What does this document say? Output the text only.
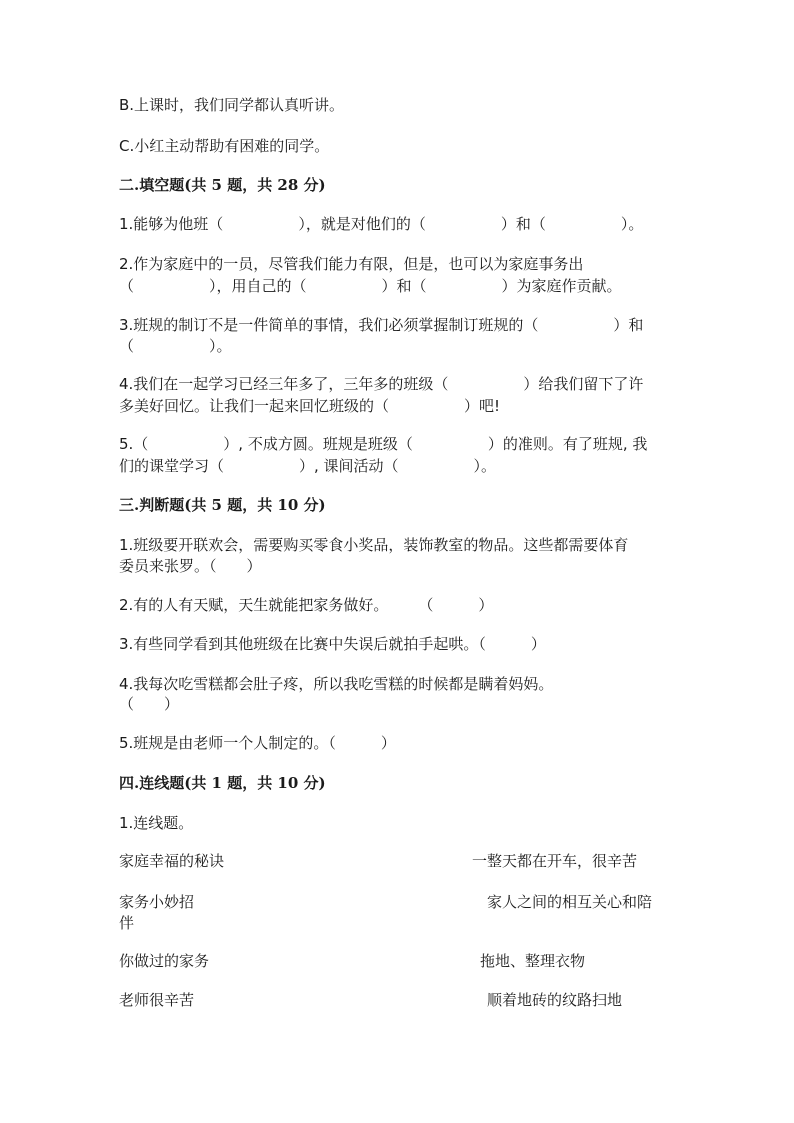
B.上课时，我们同学都认真听讲。
C.小红主动帮助有困难的同学。
二.填空题(共 5 题，共 28 分)
1.能够为他班（　　　　　），就是对他们的（　　　　　）和（　　　　　）。
2.作为家庭中的一员，尽管我们能力有限，但是，也可以为家庭事务出
（　　　　　），用自己的（　　　　　）和（　　　　　）为家庭作贡献。
3.班规的制订不是一件简单的事情，我们必须掌握制订班规的（　　　　　）和
（　　　　　）。
4.我们在一起学习已经三年多了，三年多的班级（　　　　　）给我们留下了许
多美好回忆。让我们一起来回忆班级的（　　　　　）吧!
5.（　　　　　）, 不成方圆。班规是班级（　　　　　）的准则。有了班规, 我
们的课堂学习（　　　　　）, 课间活动（　　　　　）。
三.判断题(共 5 题，共 10 分)
1.班级要开联欢会，需要购买零食小奖品，装饰教室的物品。这些都需要体育
委员来张罗。（　　）
2.有的人有天赋，天生就能把家务做好。　　　（　　　）
3.有些同学看到其他班级在比赛中失误后就拍手起哄。（　　　）
4.我每次吃雪糕都会肚子疼，所以我吃雪糕的时候都是瞒着妈妈。
（　　）
5.班规是由老师一个人制定的。（　　　）
四.连线题(共 1 题，共 10 分)
1.连线题。
家庭幸福的秘诀	一整天都在开车，很辛苦
家务小妙招	家人之间的相互关心和陪
伴
你做过的家务	拖地、整理衣物
老师很辛苦	顺着地砖的纹路扫地
